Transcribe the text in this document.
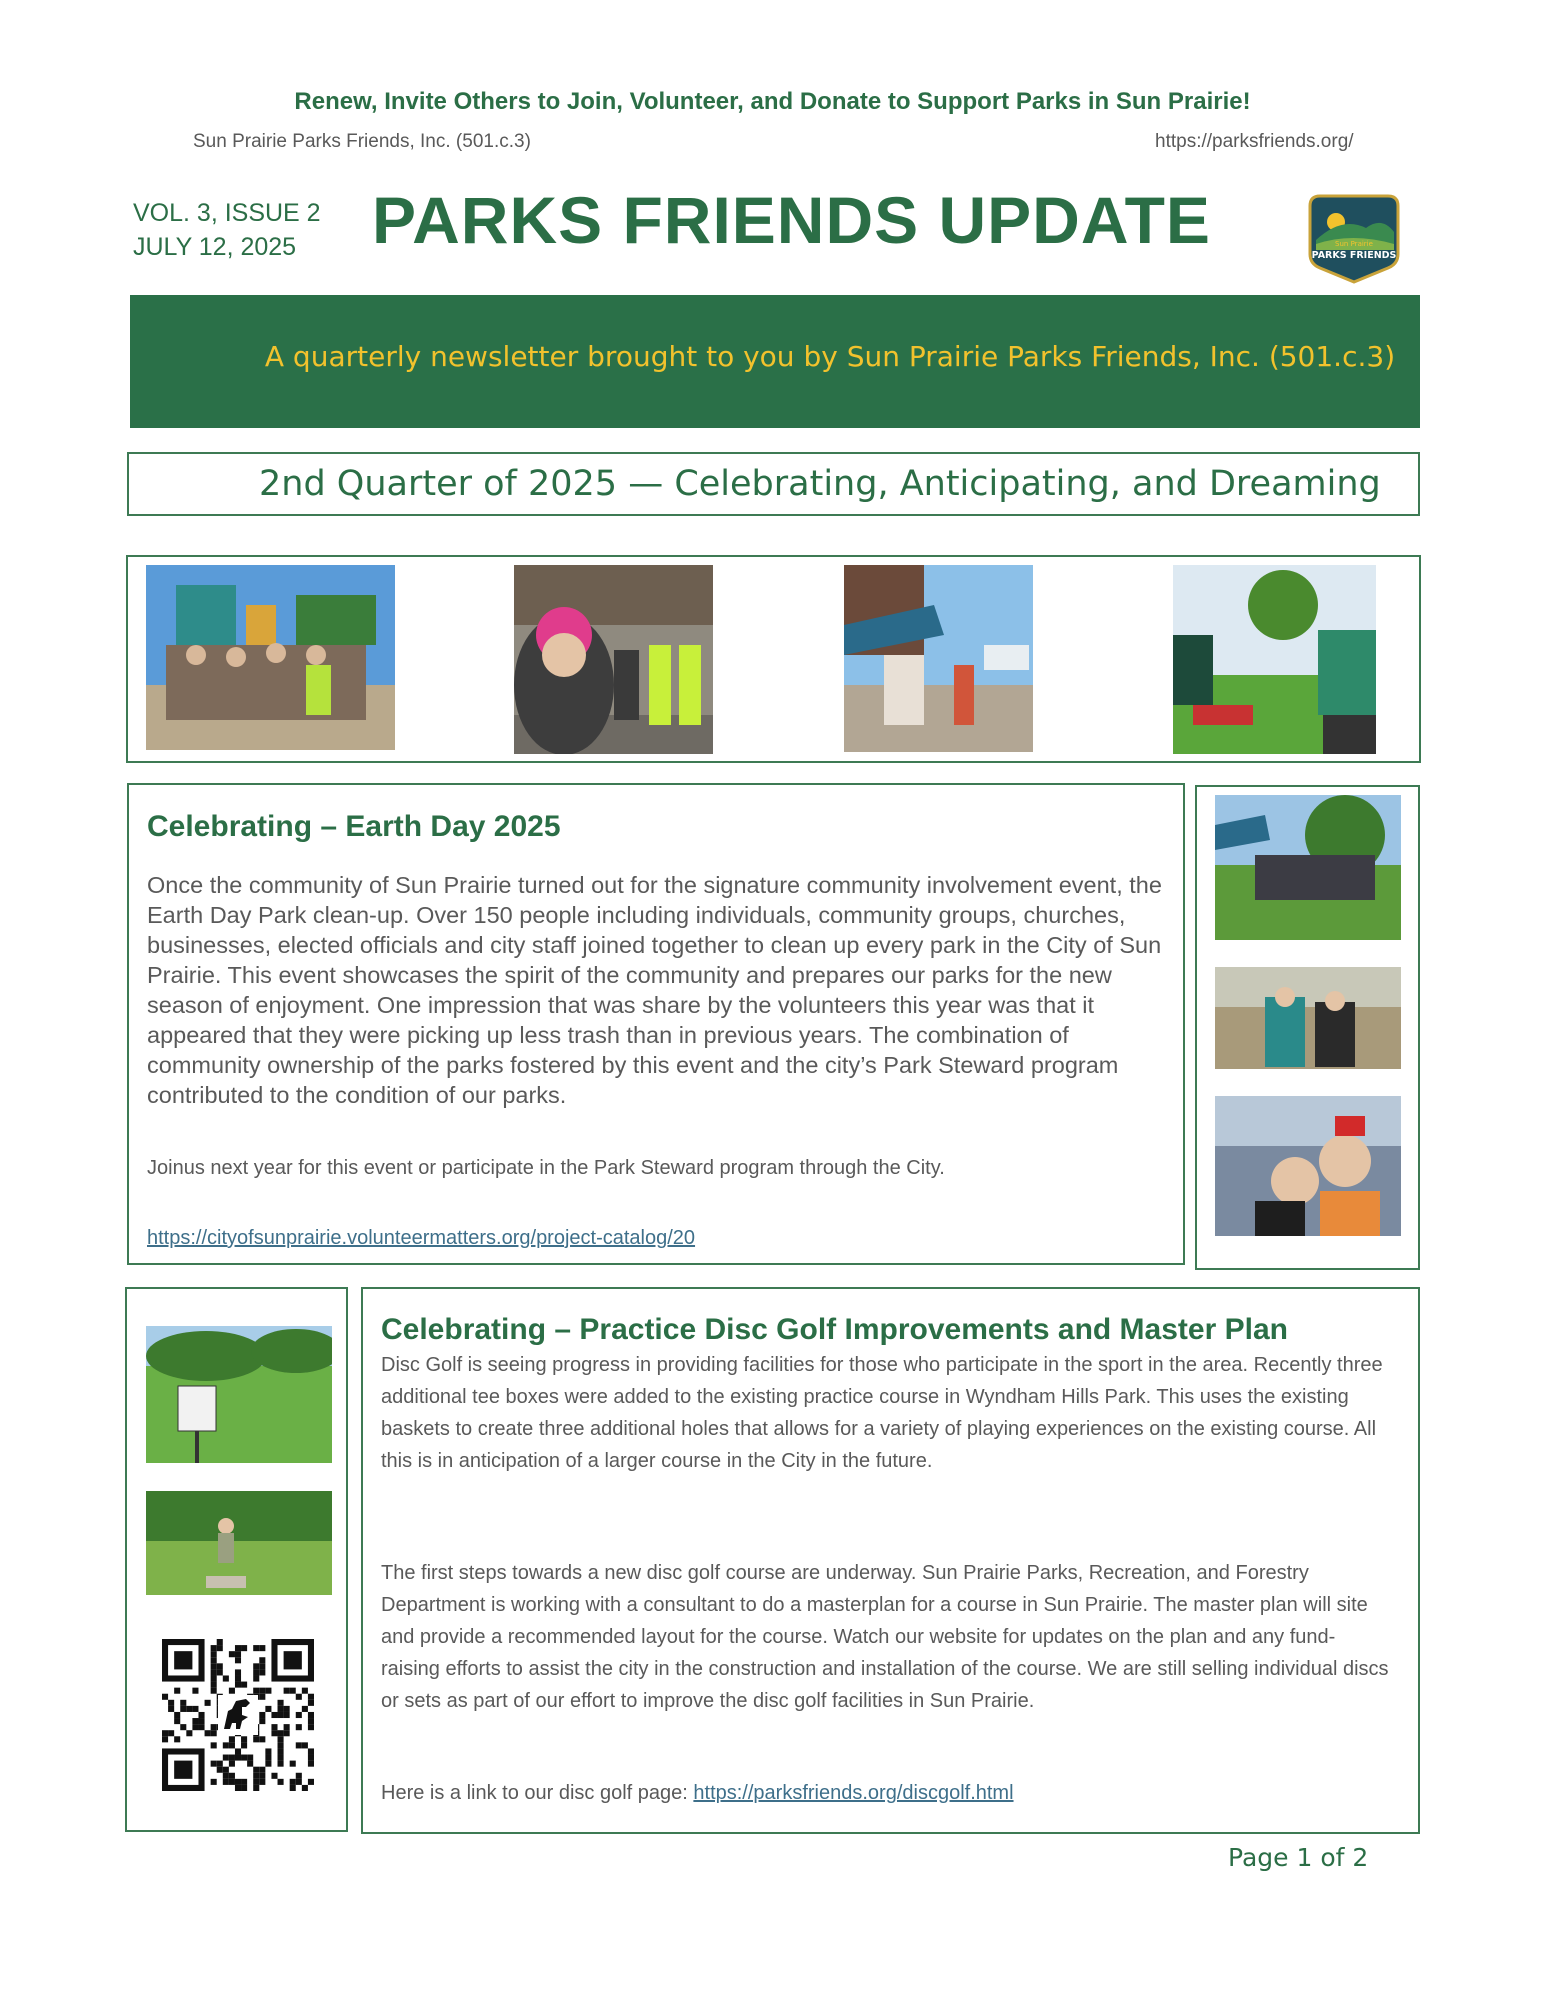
Renew, Invite Others to Join, Volunteer, and Donate to Support Parks in Sun Prairie!
Sun Prairie Parks Friends, Inc. (501.c.3)	https://parksfriends.org/
VOL. 3, ISSUE 2
JULY 12, 2025	PARKS FRIENDS UPDATE	Sun Prairie
PARKS FRIENDS
A quarterly newsletter brought to you by Sun Prairie Parks Friends, Inc. (501.c.3)
2nd Quarter of 2025 — Celebrating, Anticipating, and Dreaming
Celebrating – Earth Day 2025
Once the community of Sun Prairie turned out for the signature community involvement event, the Earth Day Park clean-up. Over 150 people including individuals, community groups, churches, businesses, elected officials and city staff joined together to clean up every park in the City of Sun Prairie. This event showcases the spirit of the community and prepares our parks for the new season of enjoyment. One impression that was share by the volunteers this year was that it appeared that they were picking up less trash than in previous years. The combination of community ownership of the parks fostered by this event and the city’s Park Steward program contributed to the condition of our parks.
Joinus next year for this event or participate in the Park Steward program through the City.
https://cityofsunprairie.volunteermatters.org/project-catalog/20
Celebrating – Practice Disc Golf Improvements and Master Plan
Disc Golf is seeing progress in providing facilities for those who participate in the sport in the area. Recently three additional tee boxes were added to the existing practice course in Wyndham Hills Park. This uses the existing baskets to create three additional holes that allows for a variety of playing experiences on the existing course. All this is in anticipation of a larger course in the City in the future.
The first steps towards a new disc golf course are underway. Sun Prairie Parks, Recreation, and Forestry Department is working with a consultant to do a masterplan for a course in Sun Prairie. The master plan will site and provide a recommended layout for the course. Watch our website for updates on the plan and any fund-raising efforts to assist the city in the construction and installation of the course. We are still selling individual discs or sets as part of our effort to improve the disc golf facilities in Sun Prairie.
Here is a link to our disc golf page: https://parksfriends.org/discgolf.html
Page 1 of 2
